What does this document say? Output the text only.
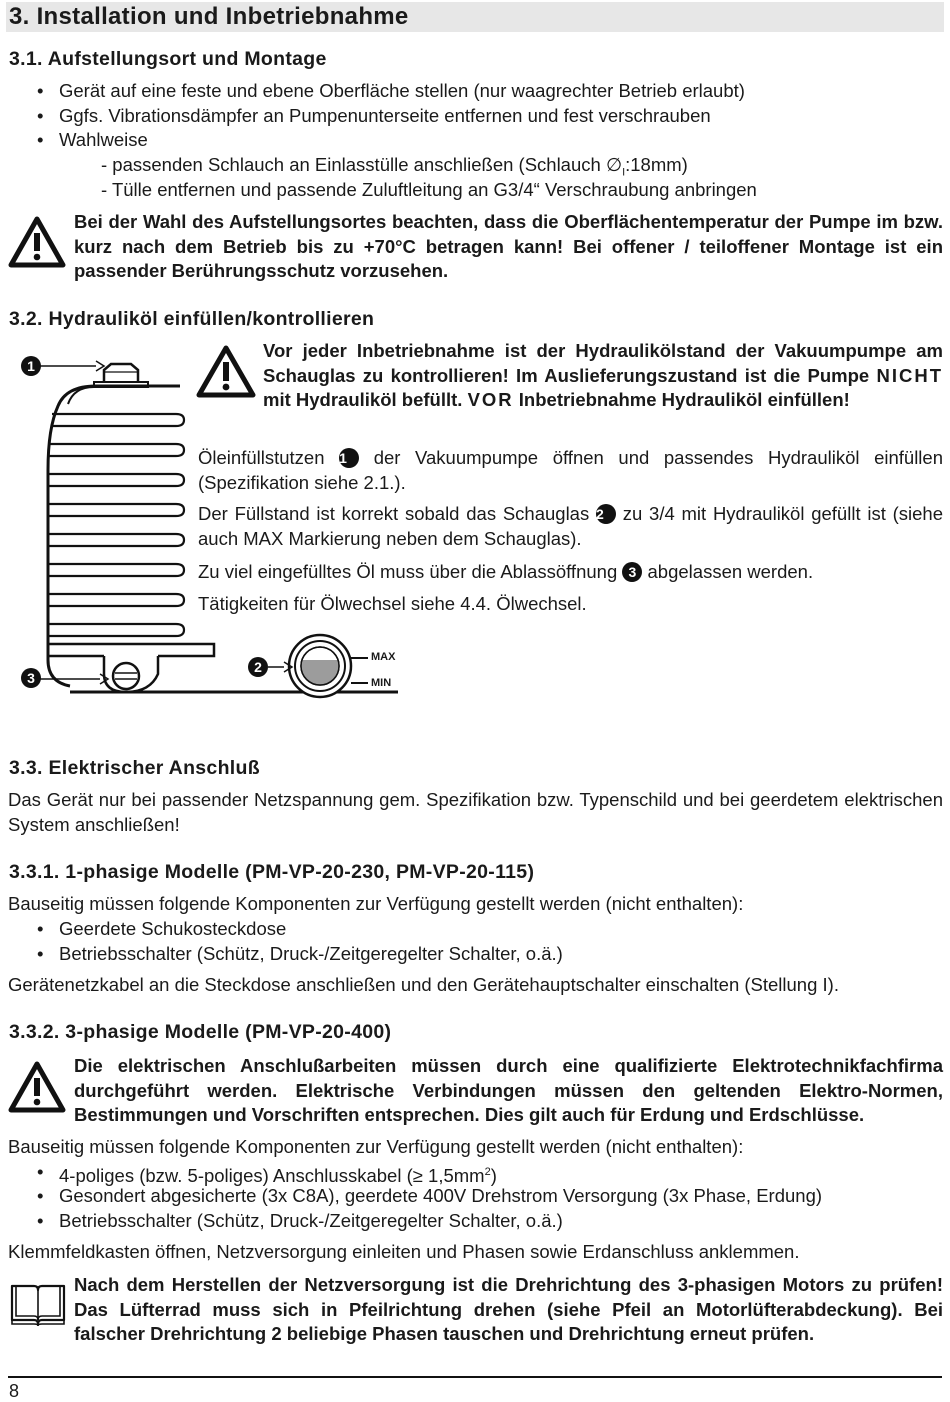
3. Installation und Inbetriebnahme
3.1. Aufstellungsort und Montage
• Gerät auf eine feste und ebene Oberfläche stellen (nur waagrechter Betrieb erlaubt)
• Ggfs. Vibrationsdämpfer an Pumpenunterseite entfernen und fest verschrauben
• Wahlweise
- passenden Schlauch an Einlasstülle anschließen (Schlauch $\emptyset_I:18mm$)
- Tülle entfernen und passende Zuluftleitung an G3/4“ Verschraubung anbringen
Bei der Wahl des Aufstellungsortes beachten, dass die Oberflächentemperatur der Pumpe im bzw. kurz nach dem Betrieb bis zu +70°C betragen kann! Bei offener / teiloffener Montage ist ein passender Berührungsschutz vorzusehen.
3.2. Hydrauliköl einfüllen/kontrollieren
1
3
2
MAX
MIN
Vor jeder Inbetriebnahme ist der Hydraulikölstand der Vakuumpumpe am Schauglas zu kontrollieren! Im Auslieferungszustand ist die Pumpe NICHT mit Hydrauliköl befüllt. VOR Inbetriebnahme Hydrauliköl einfüllen!
Öleinfüllstutzen 1 der Vakuumpumpe öffnen und passendes Hydrauliköl einfüllen (Spezifikation siehe 2.1.).
Der Füllstand ist korrekt sobald das Schauglas 2 zu 3/4 mit Hydrauliköl gefüllt ist (siehe auch MAX Markierung neben dem Schauglas).
Zu viel eingefülltes Öl muss über die Ablassöffnung 3 abgelassen werden.
Tätigkeiten für Ölwechsel siehe 4.4. Ölwechsel.
3.3. Elektrischer Anschluß
Das Gerät nur bei passender Netzspannung gem. Spezifikation bzw. Typenschild und bei geerdetem elektrischen System anschließen!
3.3.1. 1-phasige Modelle (PM-VP-20-230, PM-VP-20-115)
Bauseitig müssen folgende Komponenten zur Verfügung gestellt werden (nicht enthalten):
• Geerdete Schukosteckdose
• Betriebsschalter (Schütz, Druck-/Zeitgeregelter Schalter, o.ä.)
Gerätenetzkabel an die Steckdose anschließen und den Gerätehauptschalter einschalten (Stellung I).
3.3.2. 3-phasige Modelle (PM-VP-20-400)
Die elektrischen Anschlußarbeiten müssen durch eine qualifizierte Elektrotechnikfachfirma durchgeführt werden. Elektrische Verbindungen müssen den geltenden Elektro-Normen, Bestimmungen und Vorschriften entsprechen. Dies gilt auch für Erdung und Erdschlüsse.
Bauseitig müssen folgende Komponenten zur Verfügung gestellt werden (nicht enthalten):
• 4-poliges (bzw. 5-poliges) Anschlusskabel (≥ $1,5mm^2$)
• Gesondert abgesicherte (3x C8A), geerdete 400V Drehstrom Versorgung (3x Phase, Erdung)
• Betriebsschalter (Schütz, Druck-/Zeitgeregelter Schalter, o.ä.)
Klemmfeldkasten öffnen, Netzversorgung einleiten und Phasen sowie Erdanschluss anklemmen.
Nach dem Herstellen der Netzversorgung ist die Drehrichtung des 3-phasigen Motors zu prüfen! Das Lüfterrad muss sich in Pfeilrichtung drehen (siehe Pfeil an Motorlüfterabdeckung). Bei falscher Drehrichtung 2 beliebige Phasen tauschen und Drehrichtung erneut prüfen.
8
